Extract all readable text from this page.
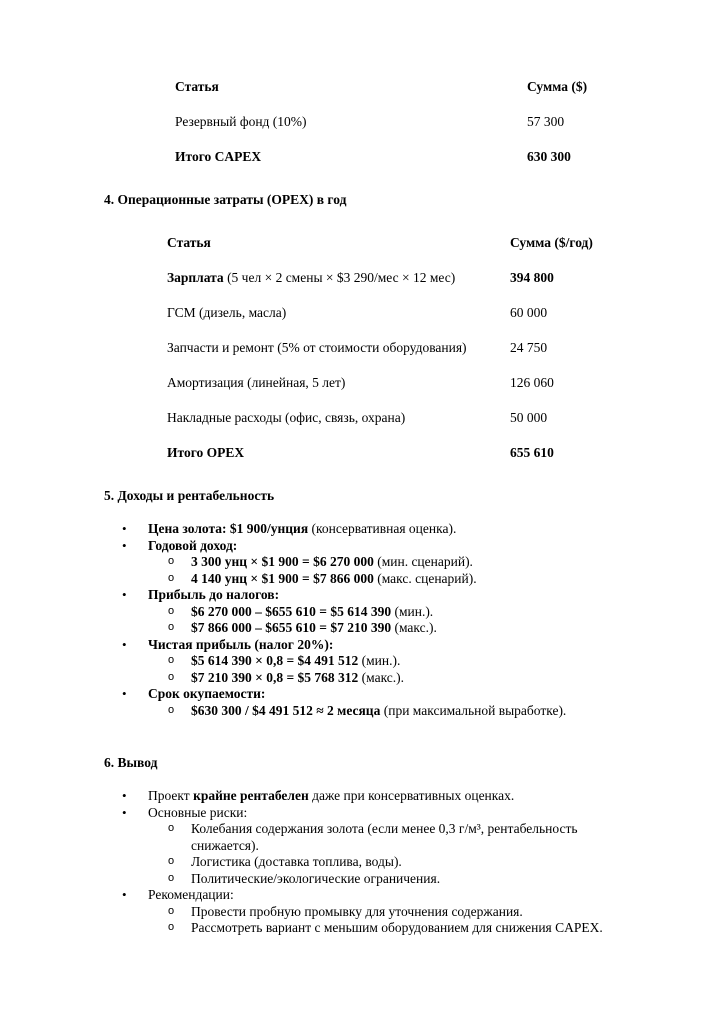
Статья	Сумма ($)
Резервный фонд (10%)	57 300
Итого CAPEX	630 300
4. Операционные затраты (OPEX) в год
Статья	Сумма ($/год)
Зарплата (5 чел × 2 смены × $3 290/мес × 12 мес)	394 800
ГСМ (дизель, масла)	60 000
Запчасти и ремонт (5% от стоимости оборудования)	24 750
Амортизация (линейная, 5 лет)	126 060
Накладные расходы (офис, связь, охрана)	50 000
Итого OPEX	655 610
5. Доходы и рентабельность
• Цена золота: $1 900/унция (консервативная оценка).
• Годовой доход:
o 3 300 унц × $1 900 = $6 270 000 (мин. сценарий).
o 4 140 унц × $1 900 = $7 866 000 (макс. сценарий).
• Прибыль до налогов:
o $6 270 000 – $655 610 = $5 614 390 (мин.).
o $7 866 000 – $655 610 = $7 210 390 (макс.).
• Чистая прибыль (налог 20%):
o $5 614 390 × 0,8 = $4 491 512 (мин.).
o $7 210 390 × 0,8 = $5 768 312 (макс.).
• Срок окупаемости:
o $630 300 / $4 491 512 ≈ 2 месяца (при максимальной выработке).
6. Вывод
• Проект крайне рентабелен даже при консервативных оценках.
• Основные риски:
o Колебания содержания золота (если менее 0,3 г/м³, рентабельность снижается).
o Логистика (доставка топлива, воды).
o Политические/экологические ограничения.
• Рекомендации:
o Провести пробную промывку для уточнения содержания.
o Рассмотреть вариант с меньшим оборудованием для снижения CAPEX.
